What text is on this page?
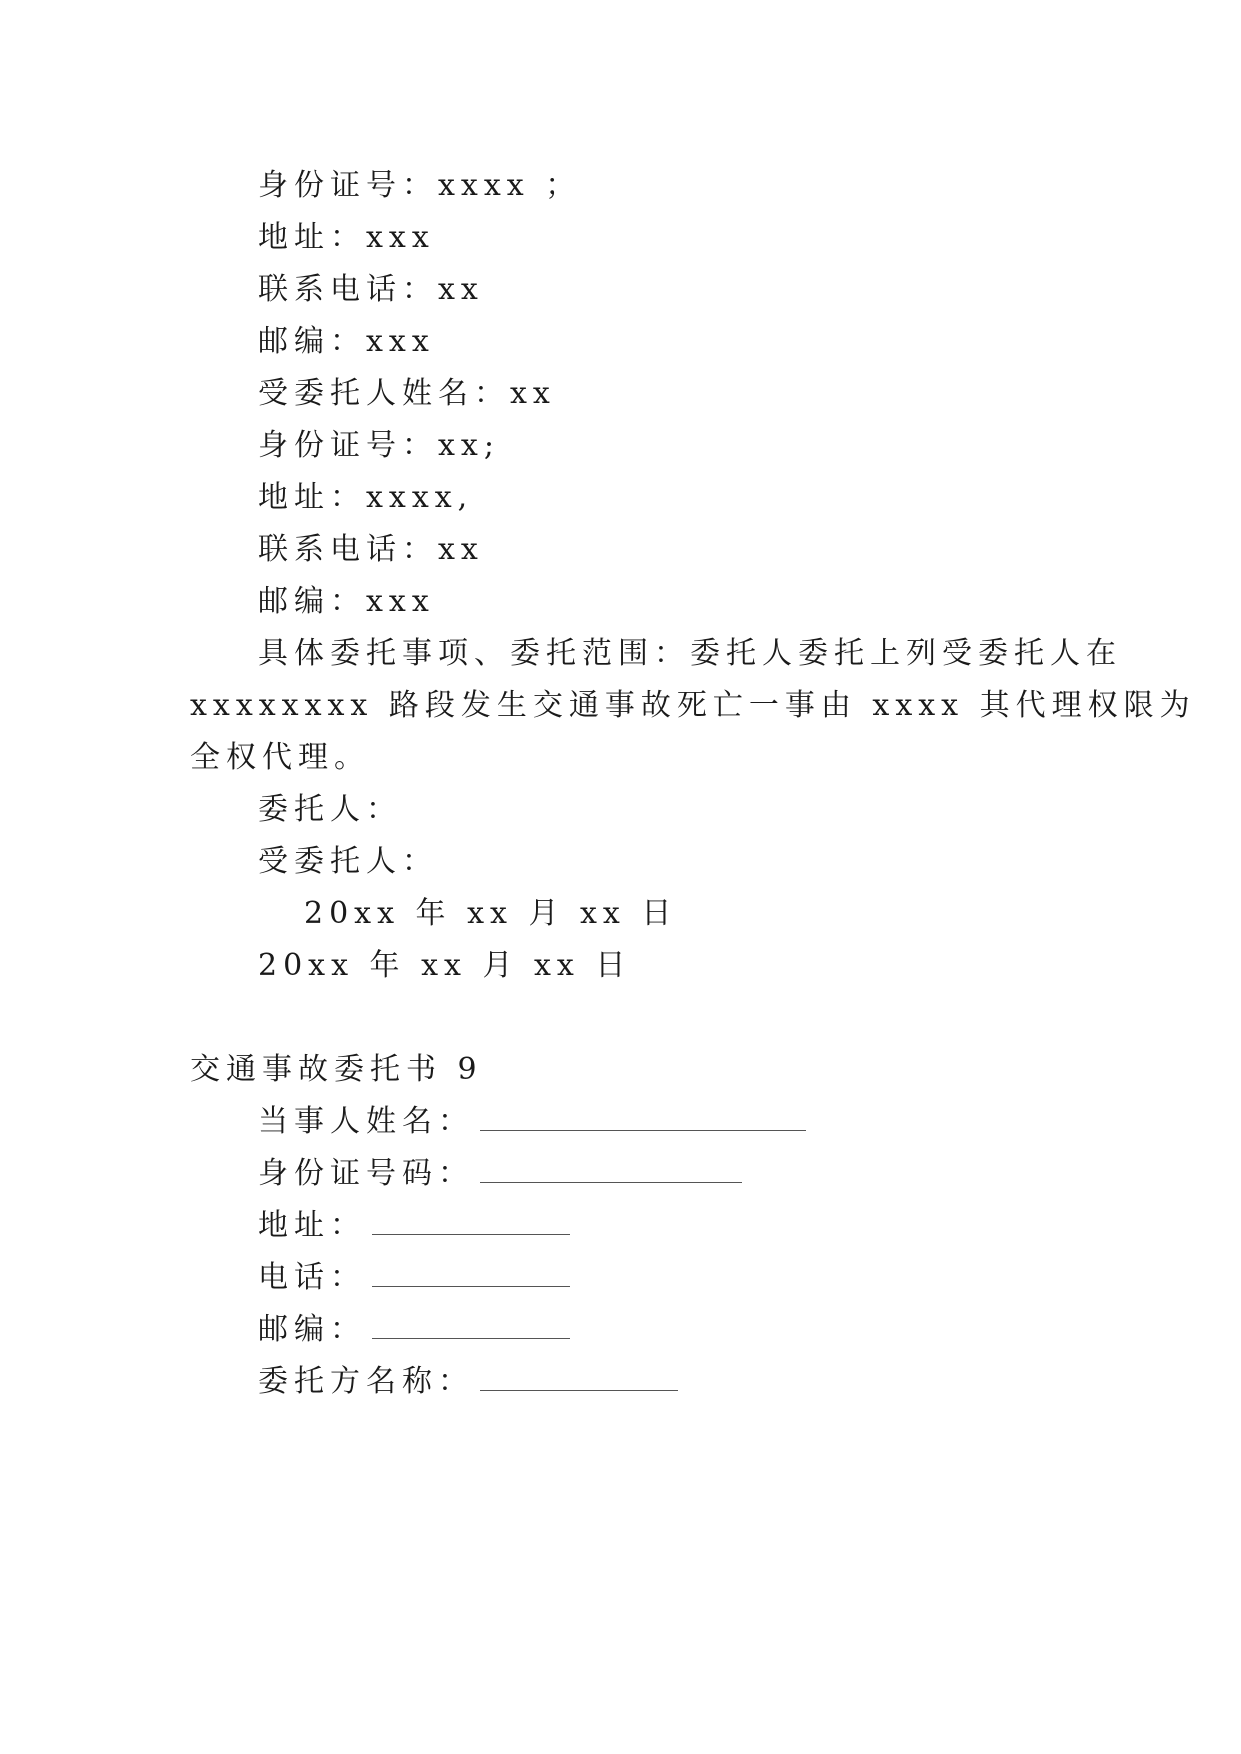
身份证号：xxxx ；
地址：xxx
联系电话：xx
邮编：xxx
受委托人姓名：xx
身份证号：xx;
地址：xxxx,
联系电话：xx
邮编：xxx
具体委托事项、委托范围：委托人委托上列受委托人在
xxxxxxxx 路段发生交通事故死亡一事由 xxxx 其代理权限为
全权代理。
委托人：
受委托人：
20xx 年 xx 月 xx 日
20xx 年 xx 月 xx 日
交通事故委托书 9
当事人姓名：
身份证号码：
地址：
电话：
邮编：
委托方名称：
